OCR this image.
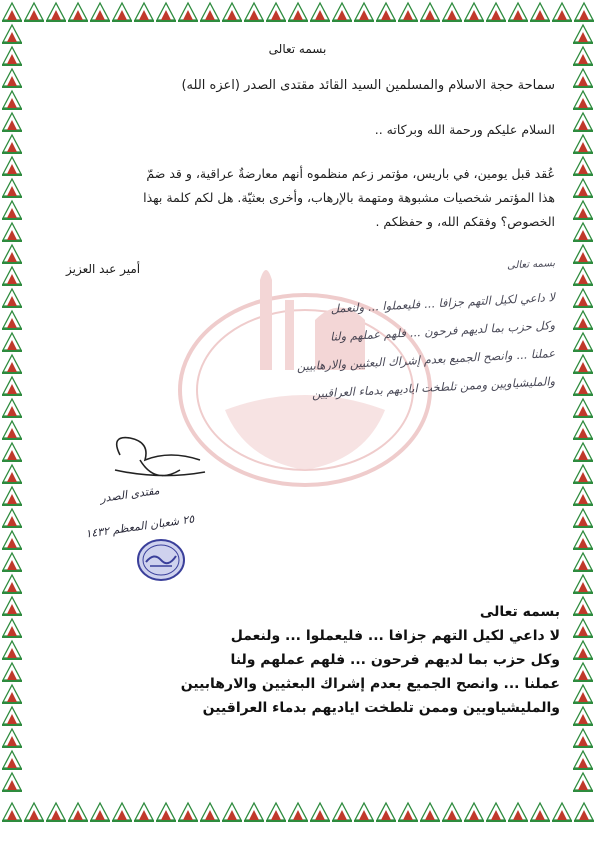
بسمه تعالى
سماحة حجة الاسلام والمسلمين السيد القائد مقتدى الصدر (اعزه الله)
السلام عليكم ورحمة الله وبركاته ..
عُقد قبل يومين، في باريس، مؤتمر زعم منظموه أنهم معارضةٌ عراقية، و قد ضمّ
هذا المؤتمر شخصيات مشبوهة ومتهمة بالإرهاب، وأخرى بعثيّة. هل لكم كلمة بهذا
الخصوص؟ وفقكم الله، و حفظكم .
أمير عبد العزيز	بسمه تعالى
لا داعي لكيل التهم جزافا ... فليعملوا ... ولنعمل
وكل حزب بما لديهم فرحون ... فلهم عملهم ولنا
عملنا ... وانصح الجميع بعدم إشراك البعثيين والارهابيين
والمليشياويين وممن تلطخت اياديهم بدماء العراقيين
مقتدى الصدر
٢٥ شعبان المعظم ١٤٣٢
بسمه تعالى
لا داعي لكيل التهم جزافا ... فليعملوا ... ولنعمل
وكل حزب بما لديهم فرحون ... فلهم عملهم ولنا
عملنا ... وانصح الجميع بعدم إشراك البعثيين والارهابيين
والمليشياويين وممن تلطخت اياديهم بدماء العراقيين
